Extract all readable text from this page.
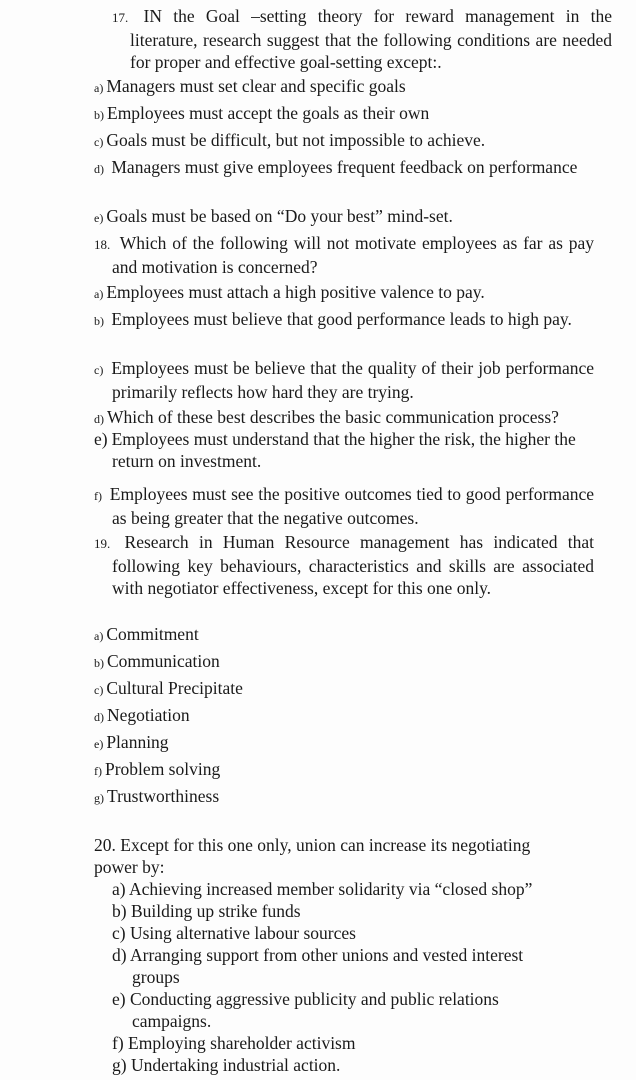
17. IN the Goal –setting theory for reward management in the literature, research suggest that the following conditions are needed for proper and effective goal-setting except:.
a) Managers must set clear and specific goals
b) Employees must accept the goals as their own
c) Goals must be difficult, but not impossible to achieve.
d) Managers must give employees frequent feedback on performance
e) Goals must be based on “Do your best” mind-set.
18. Which of the following will not motivate employees as far as pay and motivation is concerned?
a) Employees must attach a high positive valence to pay.
b) Employees must believe that good performance leads to high pay.
c) Employees must be believe that the quality of their job performance primarily reflects how hard they are trying.
d) Which of these best describes the basic communication process?
e) Employees must understand that the higher the risk, the higher the return on investment.
f) Employees must see the positive outcomes tied to good performance as being greater that the negative outcomes.
19. Research in Human Resource management has indicated that following key behaviours, characteristics and skills are associated with negotiator effectiveness, except for this one only.
a) Commitment
b) Communication
c) Cultural Precipitate
d) Negotiation
e) Planning
f) Problem solving
g) Trustworthiness
20. Except for this one only, union can increase its negotiating power by:
a) Achieving increased member solidarity via “closed shop”
b) Building up strike funds
c) Using alternative labour sources
d) Arranging support from other unions and vested interest
groups
e) Conducting aggressive publicity and public relations
campaigns.
f) Employing shareholder activism
g) Undertaking industrial action.
